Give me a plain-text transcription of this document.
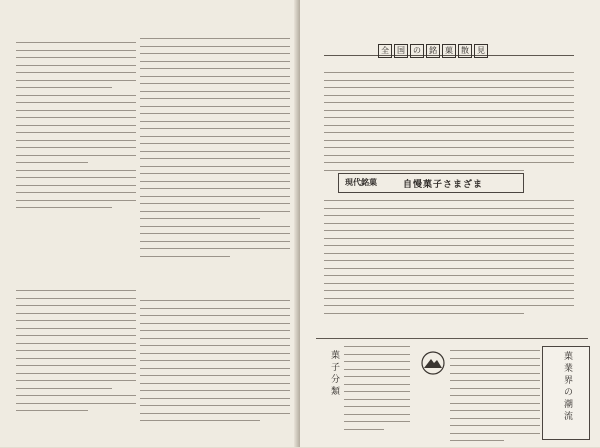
全	国	の	銘	菓	散	見
現代銘菓	自慢菓子さまざま
菓子分類	菓業界の潮流
